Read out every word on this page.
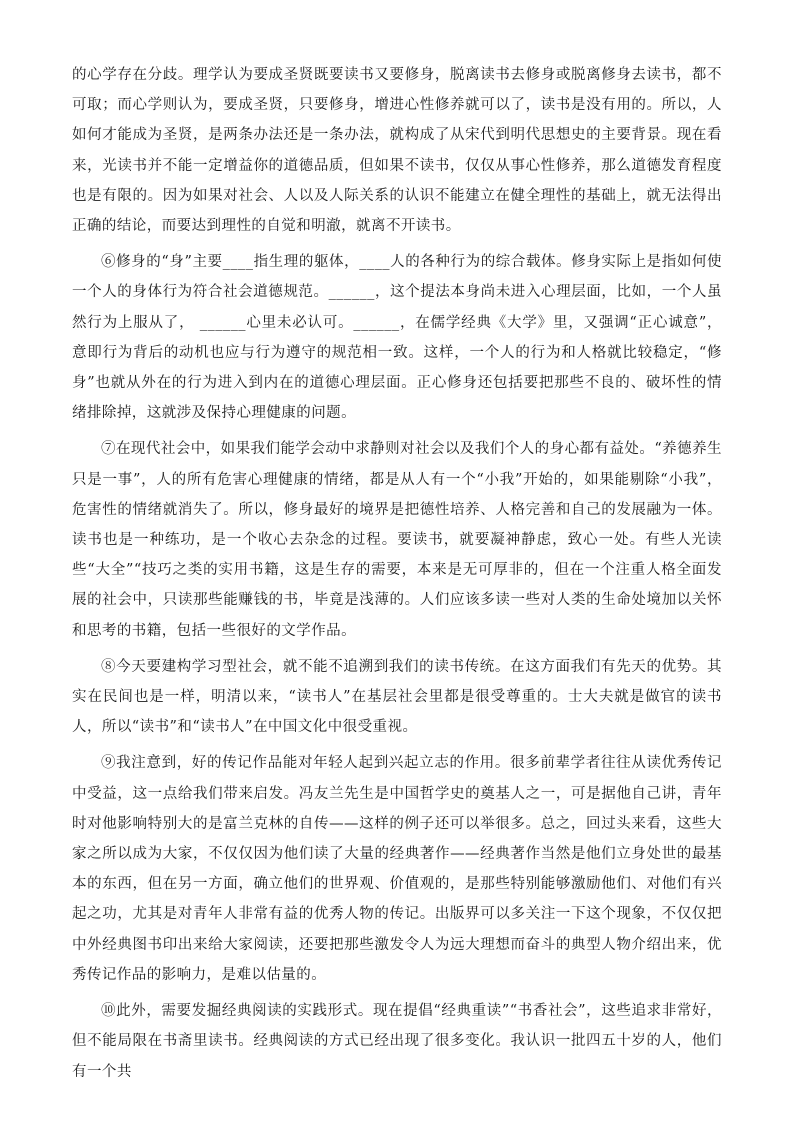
的心学存在分歧。理学认为要成圣贤既要读书又要修身，脱离读书去修身或脱离修身去读书，都不可取；而心学则认为，要成圣贤，只要修身，增进心性修养就可以了，读书是没有用的。所以，人如何才能成为圣贤，是两条办法还是一条办法，就构成了从宋代到明代思想史的主要背景。现在看来，光读书并不能一定增益你的道德品质，但如果不读书，仅仅从事心性修养，那么道德发育程度也是有限的。因为如果对社会、人以及人际关系的认识不能建立在健全理性的基础上，就无法得出正确的结论，而要达到理性的自觉和明澈，就离不开读书。

⑥修身的“身”主要____指生理的躯体，____人的各种行为的综合载体。修身实际上是指如何使一个人的身体行为符合社会道德规范。______，这个提法本身尚未进入心理层面，比如，一个人虽然行为上服从了， ______心里未必认可。______，在儒学经典《大学》里，又强调“正心诚意”，意即行为背后的动机也应与行为遵守的规范相一致。这样，一个人的行为和人格就比较稳定，“修身”也就从外在的行为进入到内在的道德心理层面。正心修身还包括要把那些不良的、破坏性的情绪排除掉，这就涉及保持心理健康的问题。

⑦在现代社会中，如果我们能学会动中求静则对社会以及我们个人的身心都有益处。“养德养生只是一事”，人的所有危害心理健康的情绪，都是从人有一个“小我”开始的，如果能剔除“小我”，危害性的情绪就消失了。所以，修身最好的境界是把德性培养、人格完善和自己的发展融为一体。读书也是一种练功，是一个收心去杂念的过程。要读书，就要凝神静虑，致心一处。有些人光读些“大全”“技巧之类的实用书籍，这是生存的需要，本来是无可厚非的，但在一个注重人格全面发展的社会中，只读那些能赚钱的书，毕竟是浅薄的。人们应该多读一些对人类的生命处境加以关怀和思考的书籍，包括一些很好的文学作品。

⑧今天要建构学习型社会，就不能不追溯到我们的读书传统。在这方面我们有先天的优势。其实在民间也是一样，明清以来，“读书人”在基层社会里都是很受尊重的。士大夫就是做官的读书人，所以“读书”和“读书人”在中国文化中很受重视。

⑨我注意到，好的传记作品能对年轻人起到兴起立志的作用。很多前辈学者往往从读优秀传记中受益，这一点给我们带来启发。冯友兰先生是中国哲学史的奠基人之一，可是据他自己讲，青年时对他影响特别大的是富兰克林的自传——这样的例子还可以举很多。总之，回过头来看，这些大家之所以成为大家，不仅仅因为他们读了大量的经典著作——经典著作当然是他们立身处世的最基本的东西，但在另一方面，确立他们的世界观、价值观的，是那些特别能够激励他们、对他们有兴起之功，尤其是对青年人非常有益的优秀人物的传记。出版界可以多关注一下这个现象，不仅仅把中外经典图书印出来给大家阅读，还要把那些激发令人为远大理想而奋斗的典型人物介绍出来，优秀传记作品的影响力，是难以估量的。

⑩此外，需要发掘经典阅读的实践形式。现在提倡“经典重读”“书香社会”，这些追求非常好，但不能局限在书斋里读书。经典阅读的方式已经出现了很多变化。我认识一批四五十岁的人，他们有一个共
